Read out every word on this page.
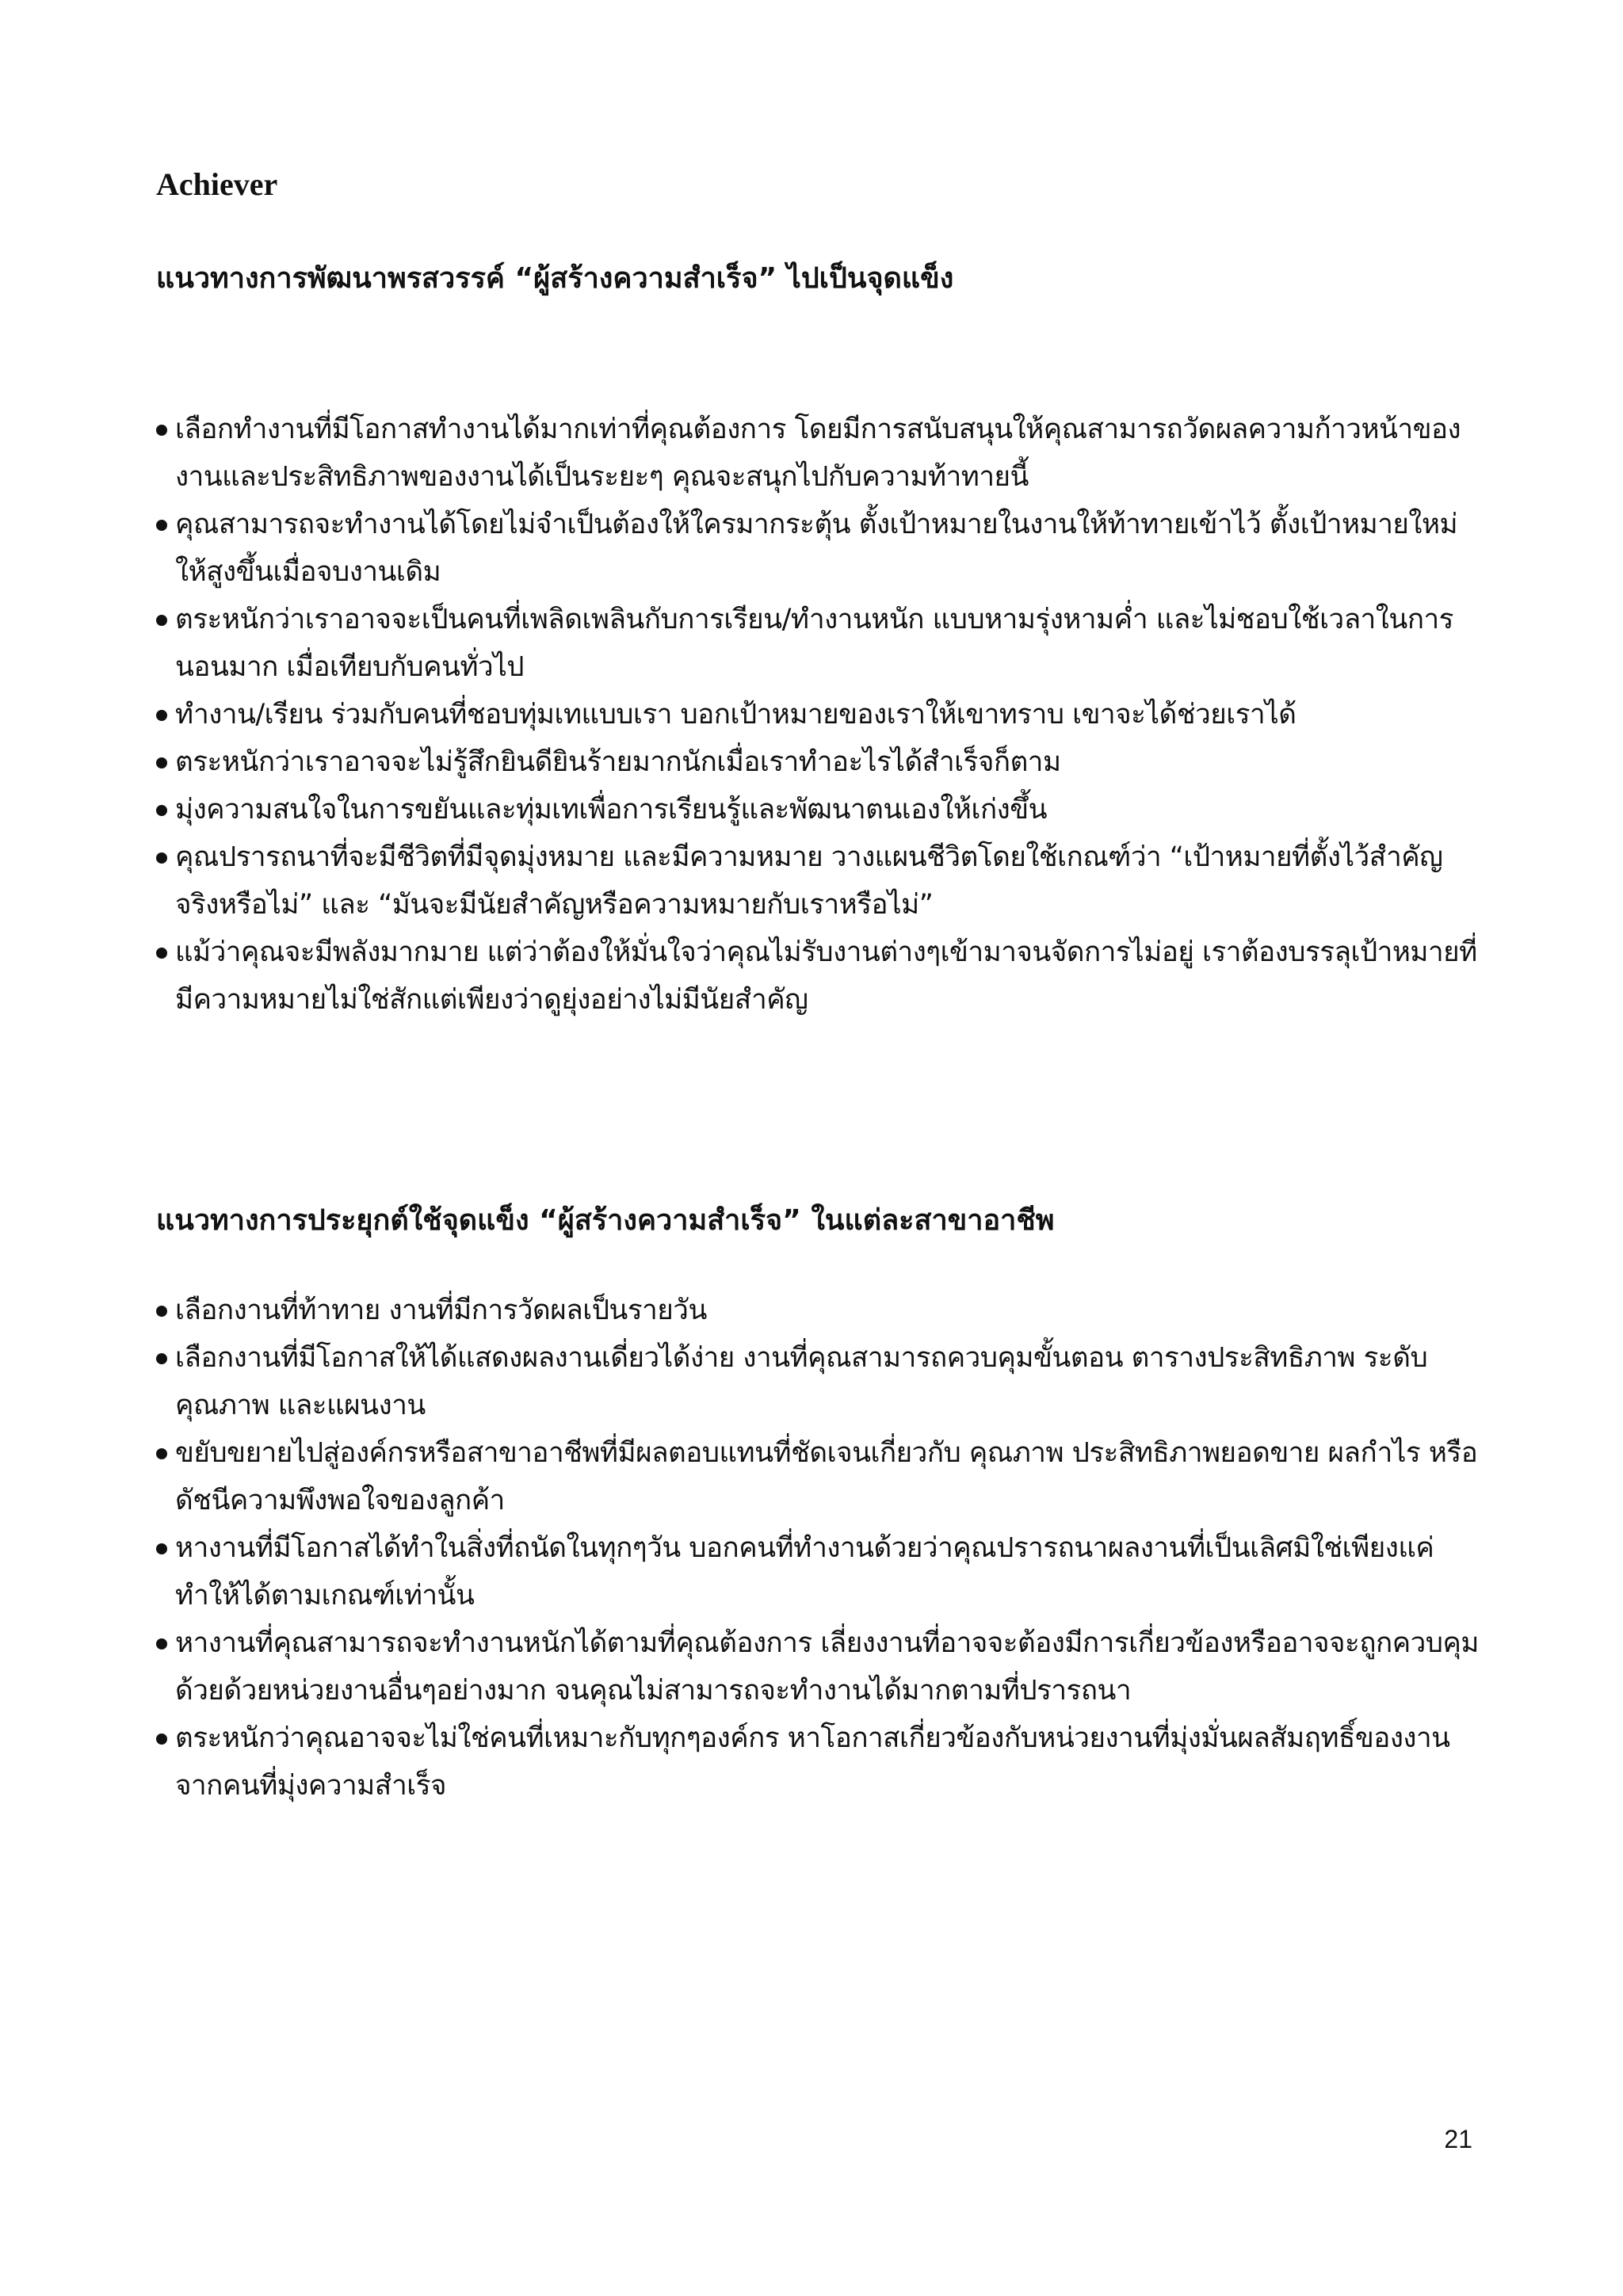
Achiever
แนวทางการพัฒนาพรสวรรค์ “ผู้สร้างความสำเร็จ” ไปเป็นจุดแข็ง
เลือกทำงานที่มีโอกาสทำงานได้มากเท่าที่คุณต้องการ โดยมีการสนับสนุนให้คุณสามารถวัดผลความก้าวหน้าของงานและประสิทธิภาพของงานได้เป็นระยะๆ คุณจะสนุกไปกับความท้าทายนี้
คุณสามารถจะทำงานได้โดยไม่จำเป็นต้องให้ใครมากระตุ้น ตั้งเป้าหมายในงานให้ท้าทายเข้าไว้ ตั้งเป้าหมายใหม่ให้สูงขึ้นเมื่อจบงานเดิม
ตระหนักว่าเราอาจจะเป็นคนที่เพลิดเพลินกับการเรียน/ทำงานหนัก แบบหามรุ่งหามค่ำ และไม่ชอบใช้เวลาในการนอนมาก เมื่อเทียบกับคนทั่วไป
ทำงาน/เรียน ร่วมกับคนที่ชอบทุ่มเทแบบเรา บอกเป้าหมายของเราให้เขาทราบ เขาจะได้ช่วยเราได้
ตระหนักว่าเราอาจจะไม่รู้สึกยินดียินร้ายมากนักเมื่อเราทำอะไรได้สำเร็จก็ตาม
มุ่งความสนใจในการขยันและทุ่มเทเพื่อการเรียนรู้และพัฒนาตนเองให้เก่งขึ้น
คุณปรารถนาที่จะมีชีวิตที่มีจุดมุ่งหมาย และมีความหมาย วางแผนชีวิตโดยใช้เกณฑ์ว่า “เป้าหมายที่ตั้งไว้สำคัญจริงหรือไม่” และ “มันจะมีนัยสำคัญหรือความหมายกับเราหรือไม่”
แม้ว่าคุณจะมีพลังมากมาย แต่ว่าต้องให้มั่นใจว่าคุณไม่รับงานต่างๆเข้ามาจนจัดการไม่อยู่ เราต้องบรรลุเป้าหมายที่มีความหมายไม่ใช่สักแต่เพียงว่าดูยุ่งอย่างไม่มีนัยสำคัญ
แนวทางการประยุกต์ใช้จุดแข็ง “ผู้สร้างความสำเร็จ” ในแต่ละสาขาอาชีพ
เลือกงานที่ท้าทาย งานที่มีการวัดผลเป็นรายวัน
เลือกงานที่มีโอกาสให้ได้แสดงผลงานเดี่ยวได้ง่าย งานที่คุณสามารถควบคุมขั้นตอน ตารางประสิทธิภาพ ระดับคุณภาพ และแผนงาน
ขยับขยายไปสู่องค์กรหรือสาขาอาชีพที่มีผลตอบแทนที่ชัดเจนเกี่ยวกับ คุณภาพ ประสิทธิภาพยอดขาย ผลกำไร หรือดัชนีความพึงพอใจของลูกค้า
หางานที่มีโอกาสได้ทำในสิ่งที่ถนัดในทุกๆวัน บอกคนที่ทำงานด้วยว่าคุณปรารถนาผลงานที่เป็นเลิศมิใช่เพียงแค่ทำให้ได้ตามเกณฑ์เท่านั้น
หางานที่คุณสามารถจะทำงานหนักได้ตามที่คุณต้องการ เลี่ยงงานที่อาจจะต้องมีการเกี่ยวข้องหรืออาจจะถูกควบคุมด้วยด้วยหน่วยงานอื่นๆอย่างมาก จนคุณไม่สามารถจะทำงานได้มากตามที่ปรารถนา
ตระหนักว่าคุณอาจจะไม่ใช่คนที่เหมาะกับทุกๆองค์กร หาโอกาสเกี่ยวข้องกับหน่วยงานที่มุ่งมั่นผลสัมฤทธิ์ของงานจากคนที่มุ่งความสำเร็จ
21
